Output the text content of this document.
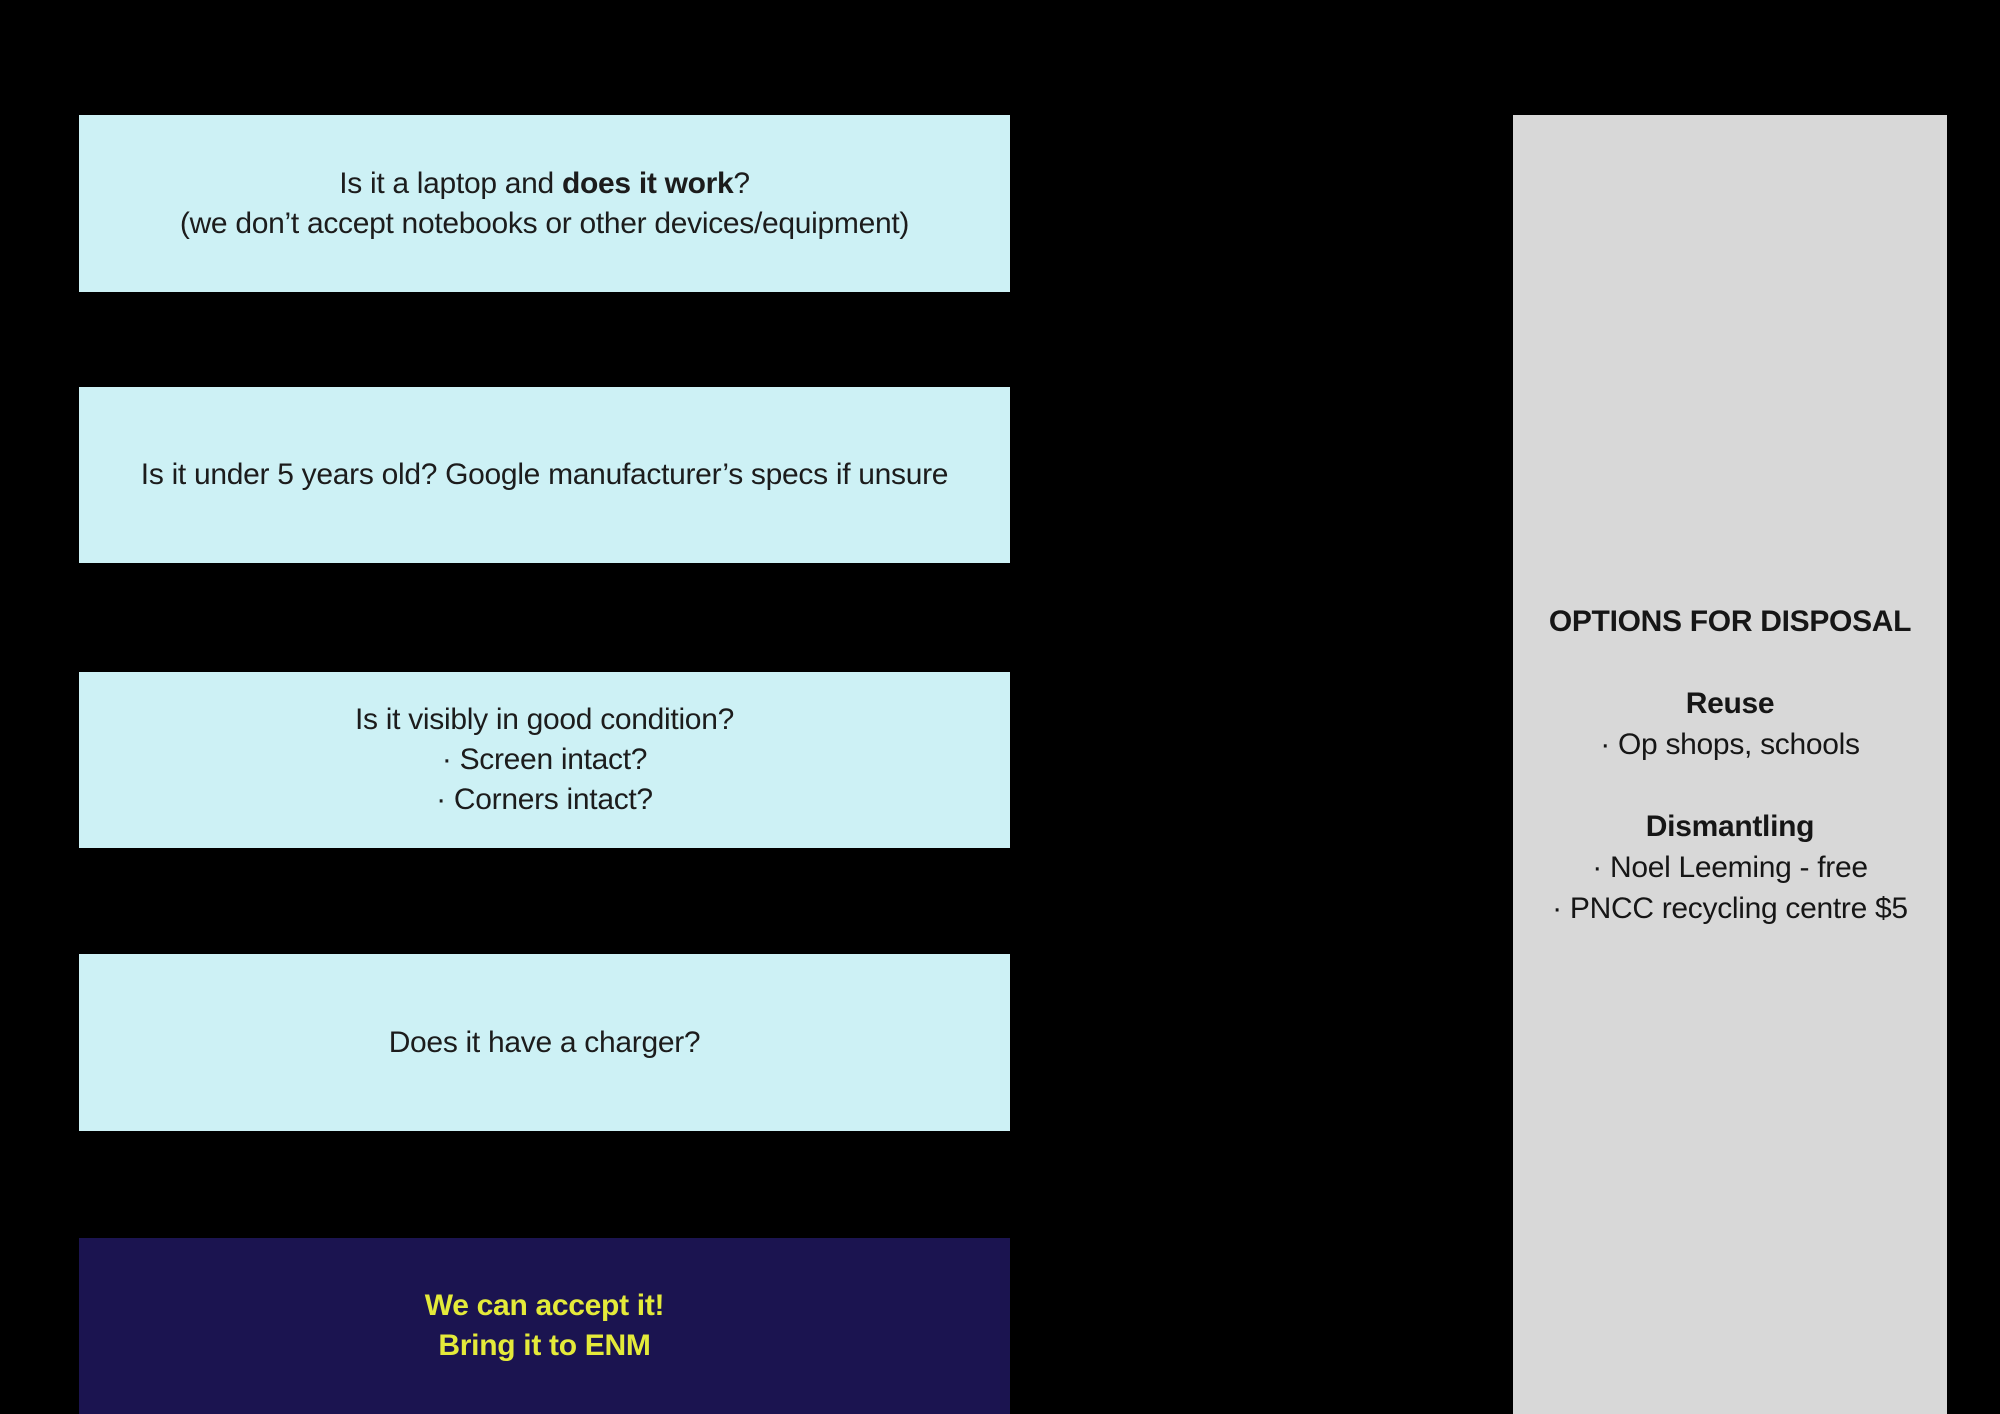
Is it a laptop and does it work?
(we don’t accept notebooks or other devices/equipment)
Is it under 5 years old? Google manufacturer’s specs if unsure
Is it visibly in good condition?
· Screen intact?
· Corners intact?
Does it have a charger?
We can accept it!
Bring it to ENM
OPTIONS FOR DISPOSAL
Reuse
· Op shops, schools
Dismantling
· Noel Leeming - free
· PNCC recycling centre $5
